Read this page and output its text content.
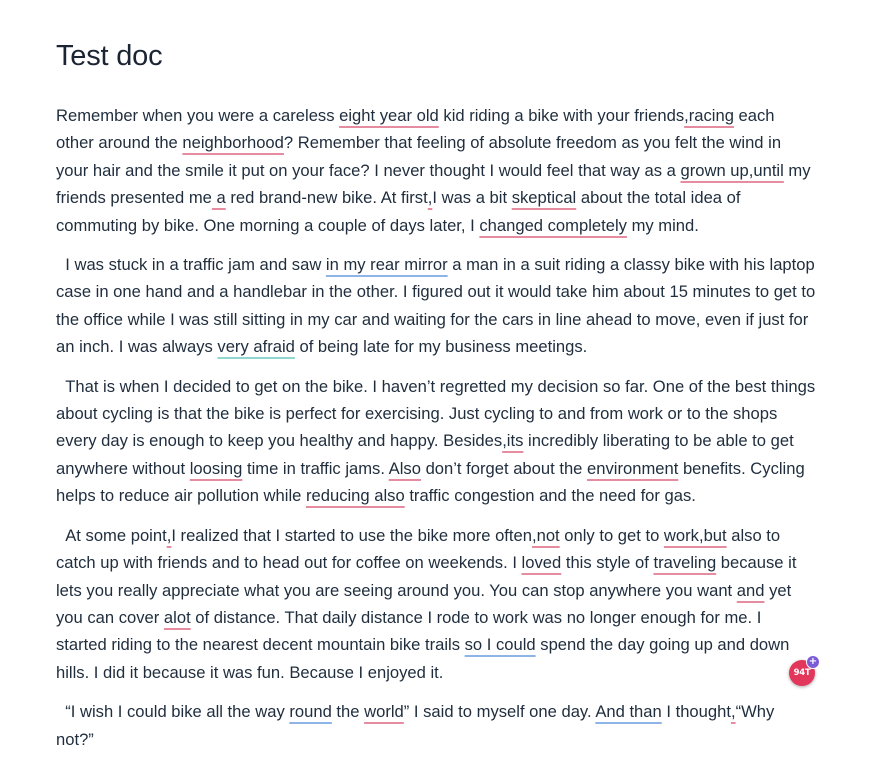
Test doc

Remember when you were a careless eight year old kid riding a bike with your friends,racing each other around the neighborhood? Remember that feeling of absolute freedom as you felt the wind in your hair and the smile it put on your face? I never thought I would feel that way as a grown up,until my friends presented me a red brand-new bike. At first,I was a bit skeptical about the total idea of commuting by bike. One morning a couple of days later, I changed completely my mind.

I was stuck in a traffic jam and saw in my rear mirror a man in a suit riding a classy bike with his laptop case in one hand and a handlebar in the other. I figured out it would take him about 15 minutes to get to the office while I was still sitting in my car and waiting for the cars in line ahead to move, even if just for an inch. I was always very afraid of being late for my business meetings.

That is when I decided to get on the bike. I haven’t regretted my decision so far. One of the best things about cycling is that the bike is perfect for exercising. Just cycling to and from work or to the shops every day is enough to keep you healthy and happy. Besides,its incredibly liberating to be able to get anywhere without loosing time in traffic jams. Also don’t forget about the environment benefits. Cycling helps to reduce air pollution while reducing also traffic congestion and the need for gas.

At some point,I realized that I started to use the bike more often,not only to get to work,but also to catch up with friends and to head out for coffee on weekends. I loved this style of traveling because it lets you really appreciate what you are seeing around you. You can stop anywhere you want and yet you can cover alot of distance. That daily distance I rode to work was no longer enough for me. I started riding to the nearest decent mountain bike trails so I could spend the day going up and down hills. I did it because it was fun. Because I enjoyed it.

“I wish I could bike all the way round the world” I said to myself one day. And than I thought,“Why not?”

94T
+
